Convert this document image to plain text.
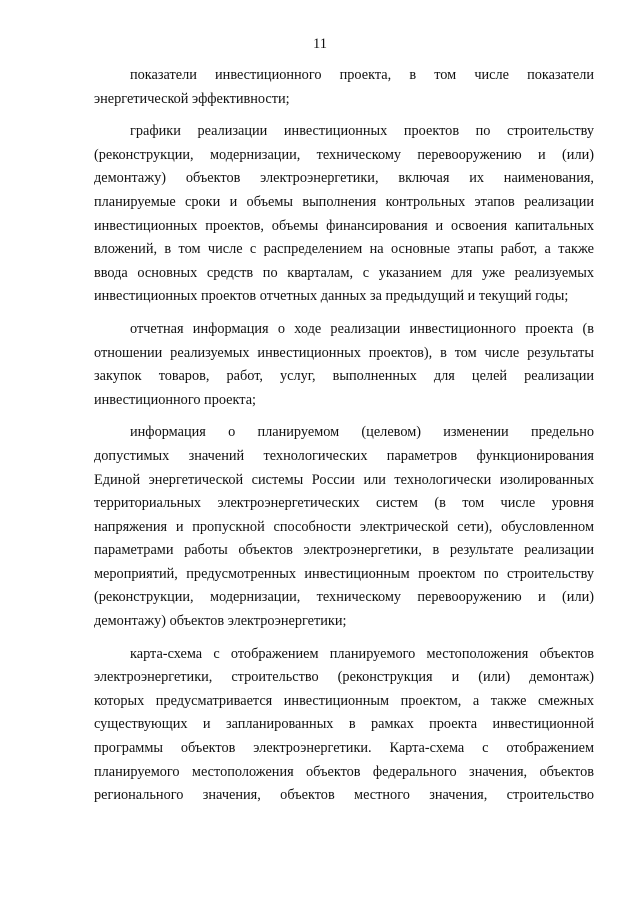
11
показатели инвестиционного проекта, в том числе показатели
энергетической эффективности;
графики реализации инвестиционных проектов по строительству
(реконструкции, модернизации, техническому перевооружению и (или)
демонтажу) объектов электроэнергетики, включая их наименования,
планируемые сроки и объемы выполнения контрольных этапов реализации
инвестиционных проектов, объемы финансирования и освоения капитальных
вложений, в том числе с распределением на основные этапы работ, а также
ввода основных средств по кварталам, с указанием для уже реализуемых
инвестиционных проектов отчетных данных за предыдущий и текущий годы;
отчетная информация о ходе реализации инвестиционного проекта (в
отношении реализуемых инвестиционных проектов), в том числе результаты
закупок товаров, работ, услуг, выполненных для целей реализации
инвестиционного проекта;
информация о планируемом (целевом) изменении предельно
допустимых значений технологических параметров функционирования
Единой энергетической системы России или технологически изолированных
территориальных электроэнергетических систем (в том числе уровня
напряжения и пропускной способности электрической сети), обусловленном
параметрами работы объектов электроэнергетики, в результате реализации
мероприятий, предусмотренных инвестиционным проектом по строительству
(реконструкции, модернизации, техническому перевооружению и (или)
демонтажу) объектов электроэнергетики;
карта-схема с отображением планируемого местоположения объектов
электроэнергетики, строительство (реконструкция и (или) демонтаж)
которых предусматривается инвестиционным проектом, а также смежных
существующих и запланированных в рамках проекта инвестиционной
программы объектов электроэнергетики. Карта-схема с отображением
планируемого местоположения объектов федерального значения, объектов
регионального значения, объектов местного значения, строительство
